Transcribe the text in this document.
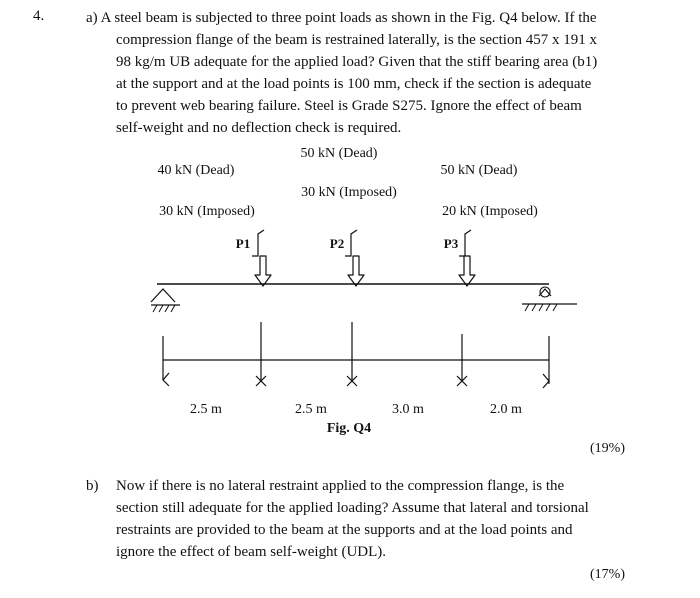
4.	a) A steel beam is subjected to three point loads as shown in the Fig. Q4 below. If the
compression flange of the beam is restrained laterally, is the section 457 x 191 x
98 kg/m UB adequate for the applied load? Given that the stiff bearing area (b1)
at the support and at the load points is 100 mm, check if the section is adequate
to prevent web bearing failure. Steel is Grade S275. Ignore the effect of beam
self-weight and no deflection check is required.
40 kN (Dead)
30 kN (Imposed)
50 kN (Dead)
30 kN (Imposed)
50 kN (Dead)
20 kN (Imposed)
P1	P2	P3
2.5 m	2.5 m	3.0 m	2.0 m
Fig. Q4
(19%)
b) Now if there is no lateral restraint applied to the compression flange, is the
section still adequate for the applied loading? Assume that lateral and torsional
restraints are provided to the beam at the supports and at the load points and
ignore the effect of beam self-weight (UDL).
(17%)
